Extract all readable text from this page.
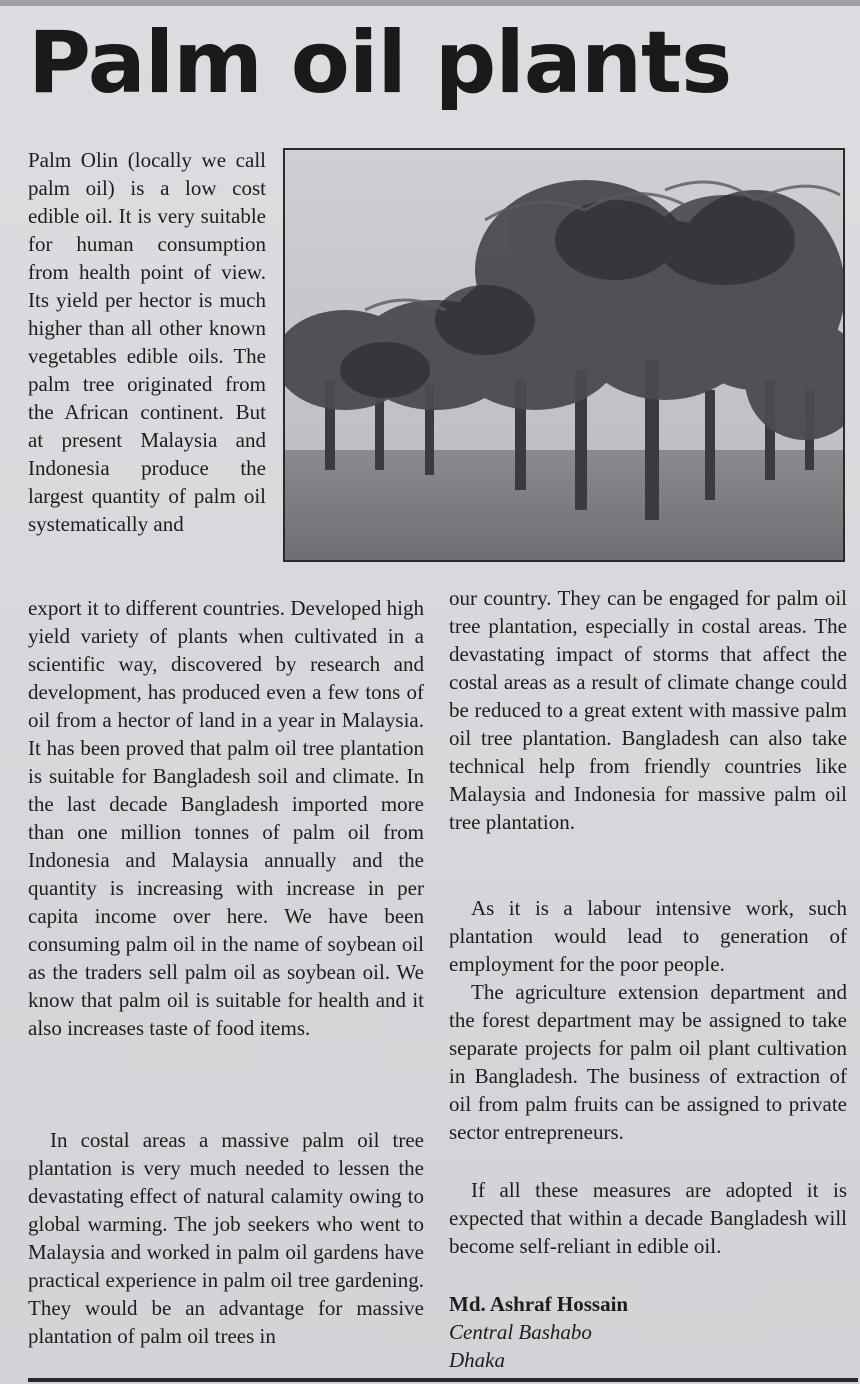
Palm oil plants

Palm Olin (locally we call palm oil) is a low cost edible oil. It is very suitable for human consumption from health point of view. Its yield per hector is much higher than all other known vegetables edible oils. The palm tree originated from the African continent. But at present Malaysia and Indonesia produce the largest quantity of palm oil systematically and

export it to different countries. Developed high yield variety of plants when cultivated in a scientific way, discovered by research and development, has produced even a few tons of oil from a hector of land in a year in Malaysia. It has been proved that palm oil tree plantation is suitable for Bangladesh soil and climate. In the last decade Bangladesh imported more than one million tonnes of palm oil from Indonesia and Malaysia annually and the quantity is increasing with increase in per capita income over here. We have been consuming palm oil in the name of soybean oil as the traders sell palm oil as soybean oil. We know that palm oil is suitable for health and it also increases taste of food items.

In costal areas a massive palm oil tree plantation is very much needed to lessen the devastating effect of natural calamity owing to global warming. The job seekers who went to Malaysia and worked in palm oil gardens have practical experience in palm oil tree gardening. They would be an advantage for massive plantation of palm oil trees in

our country. They can be engaged for palm oil tree plantation, especially in costal areas. The devastating impact of storms that affect the costal areas as a result of climate change could be reduced to a great extent with massive palm oil tree plantation. Bangladesh can also take technical help from friendly countries like Malaysia and Indonesia for massive palm oil tree plantation.

As it is a labour intensive work, such plantation would lead to generation of employment for the poor people.

The agriculture extension department and the forest department may be assigned to take separate projects for palm oil plant cultivation in Bangladesh. The business of extraction of oil from palm fruits can be assigned to private sector entrepreneurs.

If all these measures are adopted it is expected that within a decade Bangladesh will become self-reliant in edible oil.

Md. Ashraf Hossain
Central Bashabo
Dhaka
